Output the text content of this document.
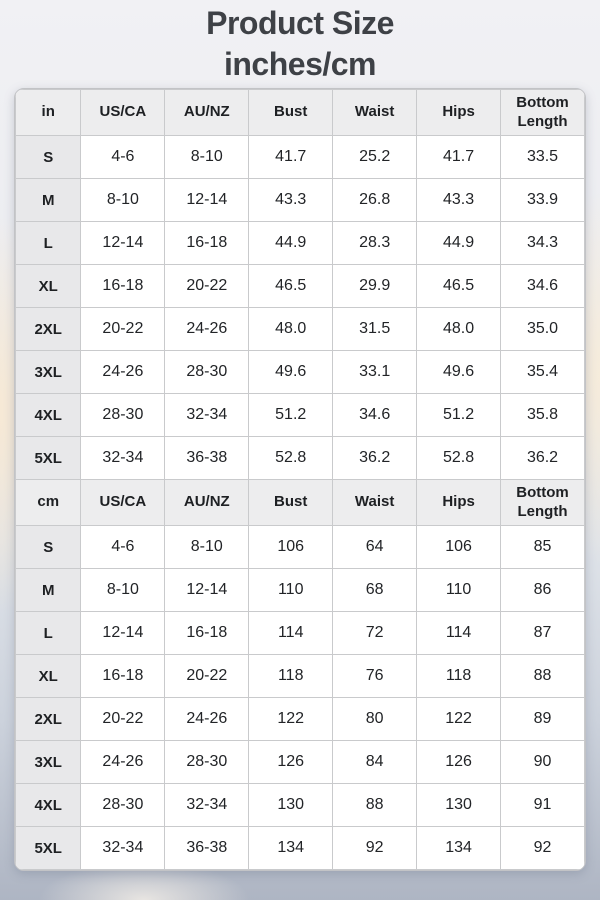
Product Size
inches/cm
in	US/CA	AU/NZ	Bust	Waist	Hips	Bottom Length
S	4-6	8-10	41.7	25.2	41.7	33.5
M	8-10	12-14	43.3	26.8	43.3	33.9
L	12-14	16-18	44.9	28.3	44.9	34.3
XL	16-18	20-22	46.5	29.9	46.5	34.6
2XL	20-22	24-26	48.0	31.5	48.0	35.0
3XL	24-26	28-30	49.6	33.1	49.6	35.4
4XL	28-30	32-34	51.2	34.6	51.2	35.8
5XL	32-34	36-38	52.8	36.2	52.8	36.2
cm	US/CA	AU/NZ	Bust	Waist	Hips	Bottom Length
S	4-6	8-10	106	64	106	85
M	8-10	12-14	110	68	110	86
L	12-14	16-18	114	72	114	87
XL	16-18	20-22	118	76	118	88
2XL	20-22	24-26	122	80	122	89
3XL	24-26	28-30	126	84	126	90
4XL	28-30	32-34	130	88	130	91
5XL	32-34	36-38	134	92	134	92
